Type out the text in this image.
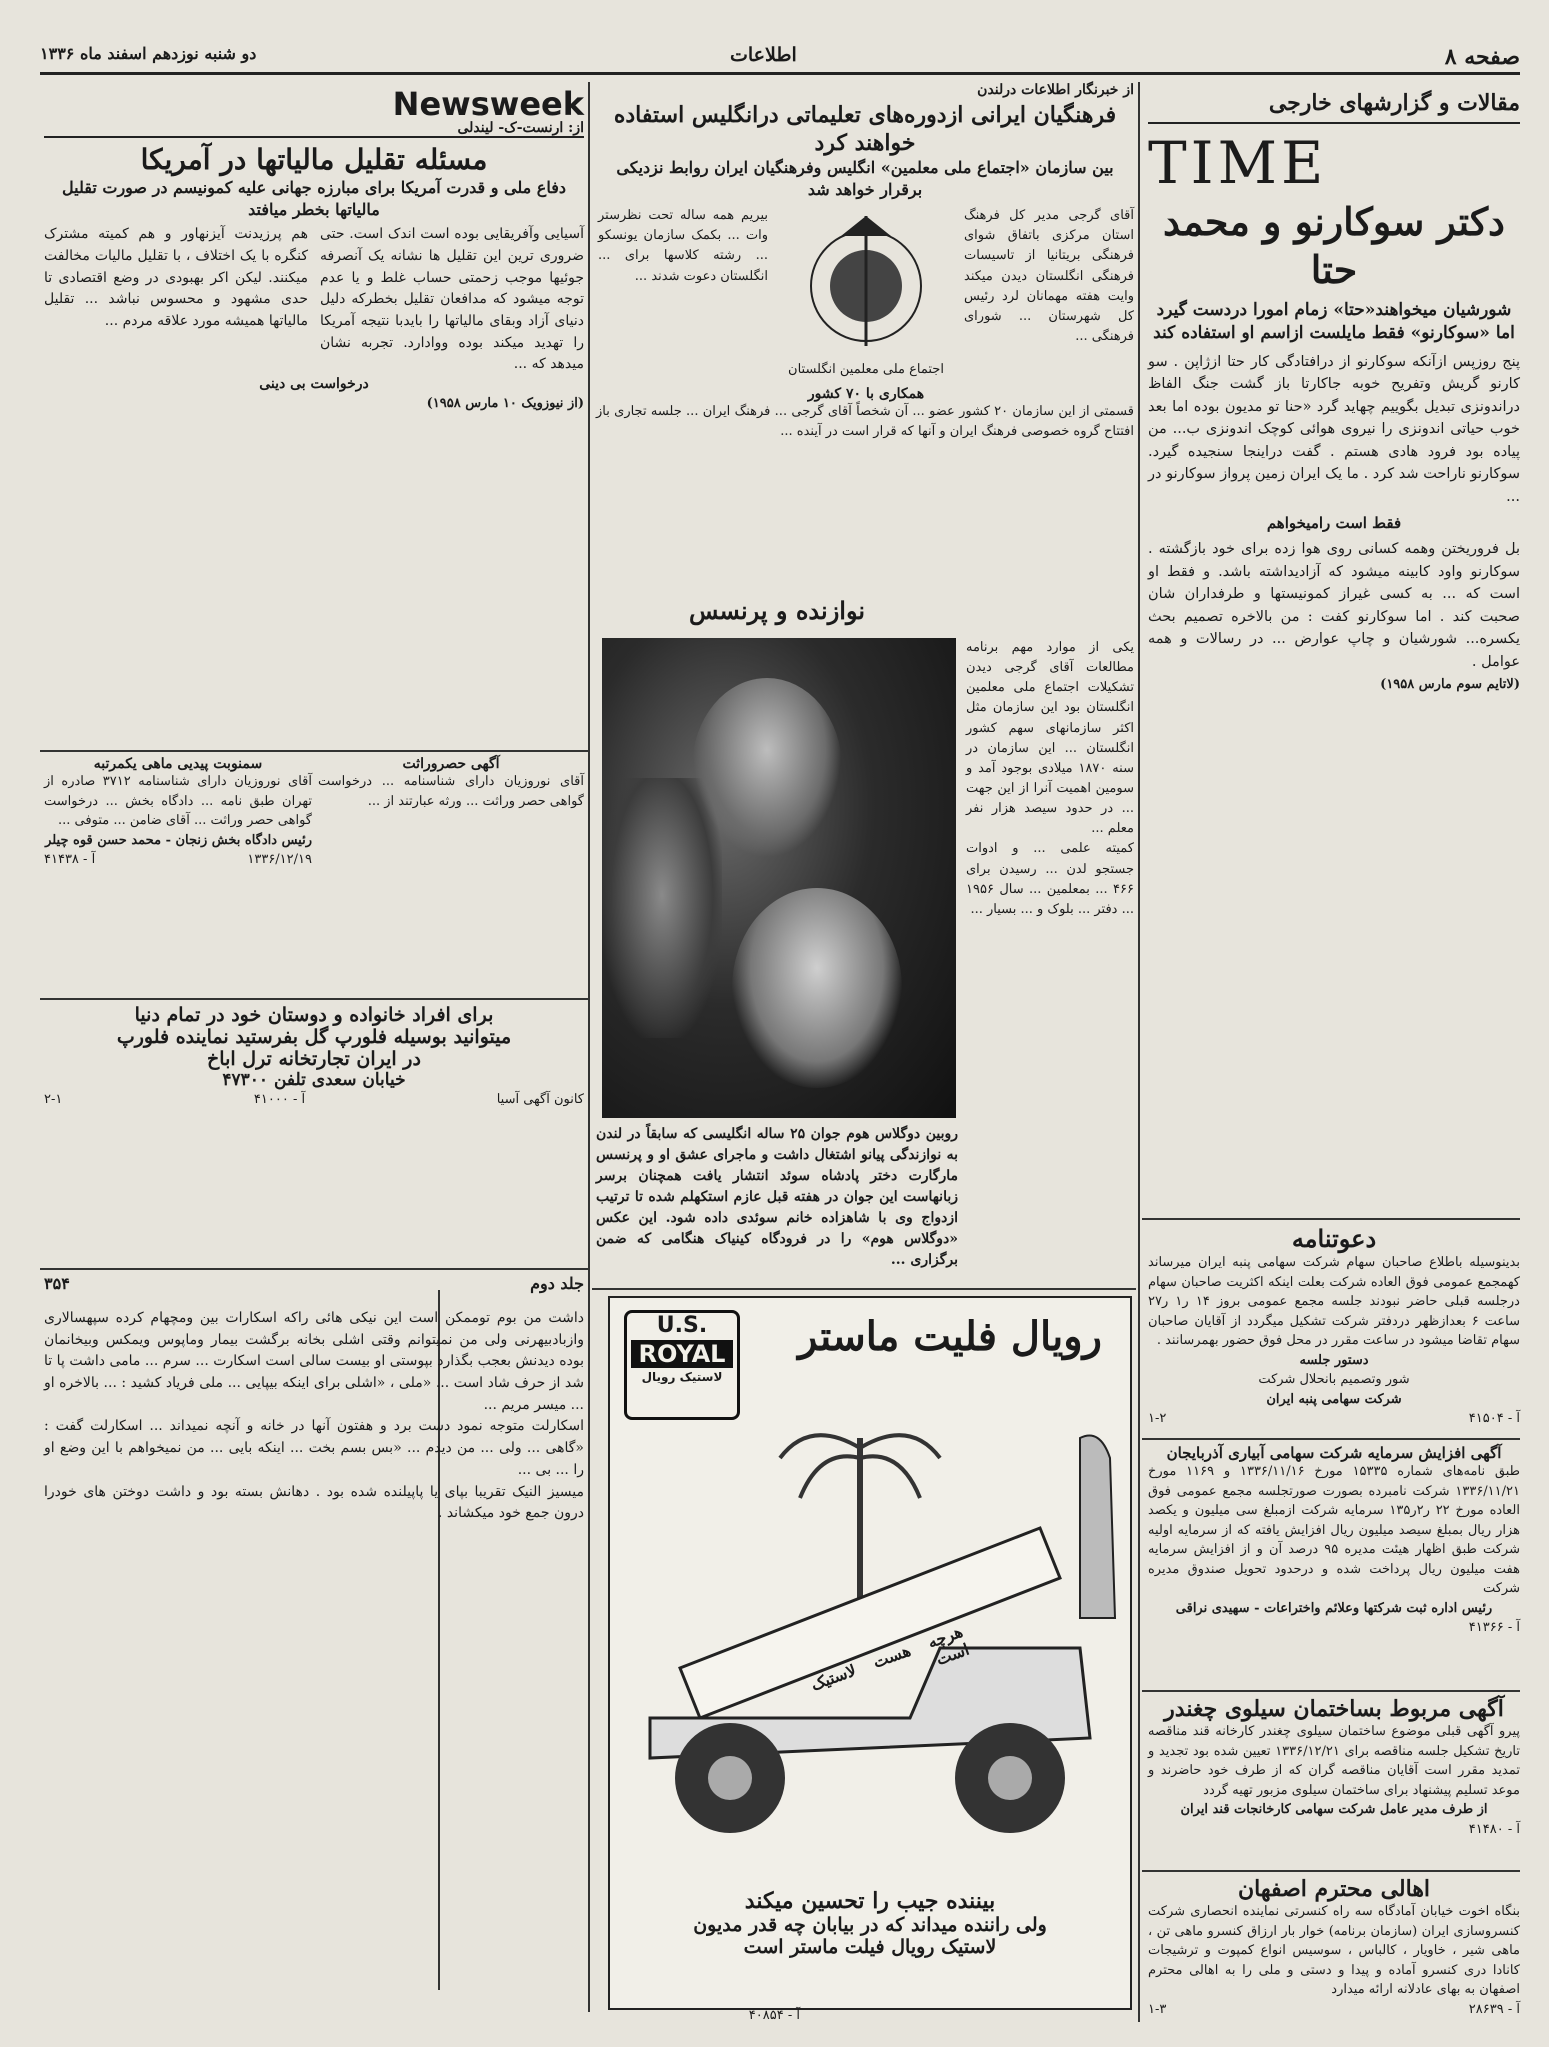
دو شنبه نوزدهم اسفند ماه ۱۳۳۶	اطلاعات	صفحه ۸
مقالات و گزارشهای خارجی
TIME
دکتر سوکارنو و محمد حتا
شورشیان میخواهند«حتا» زمام امورا دردست گیرد اما «سوکارنو» فقط مایلست ازاسم او استفاده کند
پنج روزپس ازآنکه سوکارنو از درافتادگی کار حتا ازژاپن . سو کارنو گریش وتفریح خوبه جاکارتا باز گشت جنگ الفاظ دراندونزی تبدیل بگوییم چهاید گرد «حنا تو مدیون بوده اما بعد خوب حیاتی اندونزی را نیروی هوائی کوچک اندونزی ب... من پیاده بود فرود هادی هستم . گفت دراینجا سنجیده گیرد. سوکارنو ناراحت شد کرد . ما یک ایران زمین پرواز سوکارنو در ...
فقط است رامیخواهم
بل فروریختن وهمه کسانی روی هوا زده برای خود بازگشته . سوکارنو واود کابینه میشود که آزادیداشته باشد. و فقط او است که ... به کسی غیراز کمونیستها و طرفداران شان صحبت کند . اما سوکارنو کفت : من بالاخره تصمیم بحث یکسره... شورشیان و چاپ عوارض ... در رسالات و همه عوامل .
(لاتایم سوم مارس ۱۹۵۸)
دعوتنامه
بدینوسیله باطلاع صاحبان سهام شرکت سهامی پنبه ایران میرساند کهمجمع عمومی فوق العاده شرکت بعلت اینکه اکثریت صاحبان سهام درجلسه قبلی حاضر نبودند جلسه مجمع عمومی بروز ۱۴ ر۱ ر۲۷ ساعت ۶ بعدازظهر دردفتر شرکت تشکیل میگردد از آقایان صاحبان سهام تقاضا میشود در ساعت مقرر در محل فوق حضور بهمرسانند .
دستور جلسه
شور وتصمیم بانحلال شرکت
شرکت سهامی پنبه ایران
آ - ۴۱۵۰۴
۱-۲
آگهی افزایش سرمایه شرکت سهامی آبیاری آذربایجان
طبق نامه‌های شماره ۱۵۳۳۵ مورخ ۱۳۳۶/۱۱/۱۶ و ۱۱۶۹ مورخ ۱۳۳۶/۱۱/۲۱ شرکت نامبرده بصورت صورتجلسه مجمع عمومی فوق العاده مورخ ۲۲ ر۲ر۱۳۵ سرمایه شرکت ازمبلغ سی میلیون و یکصد هزار ریال بمبلغ سیصد میلیون ریال افزایش یافته که از سرمایه اولیه شرکت طبق اظهار هیئت مدیره ۹۵ درصد آن و از افزایش سرمایه هفت میلیون ریال پرداخت شده و درحدود تحویل صندوق مدیره شرکت
رئیس اداره ثبت شرکتها وعلائم واختراعات - سهیدی نراقی
آ - ۴۱۳۶۶
آگهی مربوط بساختمان سیلوی چغندر
پیرو آگهی قبلی موضوع ساختمان سیلوی چغندر کارخانه قند مناقصه تاریخ تشکیل جلسه مناقصه برای ۱۳۳۶/۱۲/۲۱ تعیین شده بود تجدید و تمدید مقرر است آقایان مناقصه گران که از طرف خود حاضرند و موعد تسلیم پیشنهاد برای ساختمان سیلوی مزبور تهیه گردد
از طرف مدیر عامل شرکت سهامی کارخانجات قند ایران
آ - ۴۱۴۸۰
اهالی محترم اصفهان
بنگاه اخوت خیابان آمادگاه سه راه کنسرتی نماینده انحصاری شرکت کنسروسازی ایران (سازمان برنامه) خوار بار ارزاق کنسرو ماهی تن ، ماهی شیر ، خاویار ، کالباس ، سوسیس انواع کمپوت و ترشیجات کانادا دری کنسرو آماده و پیدا و دستی و ملی را به اهالی محترم اصفهان به بهای عادلانه ارائه میدارد
آ - ۲۸۶۳۹
۱-۳
از خبرنگار اطلاعات درلندن
فرهنگیان ایرانی ازدوره‌های تعلیماتی درانگلیس استفاده خواهند کرد
بین سازمان «اجتماع ملی معلمین» انگلیس وفرهنگیان ایران روابط نزدیکی برقرار خواهد شد
آقای گرجی مدیر کل فرهنگ استان مرکزی باتفاق شوای فرهنگی بریتانیا از تاسیسات فرهنگی انگلستان دیدن میکند وایت هفته مهمانان لرد رئیس کل شهرستان ... شورای فرهنگی ...
اجتماع ملی معلمین انگلستان
همکاری با ۷۰ کشور
بیریم همه ساله تحت نظرستر وات ... بکمک سازمان یونسکو ... رشته کلاسها برای ... انگلستان دعوت شدند ...
قسمتی از این سازمان ۲۰ کشور عضو ... آن شخصاً آقای گرجی ... فرهنگ ایران ... جلسه تجاری باز افتتاح گروه خصوصی فرهنگ ایران و آنها که قرار است در آینده ...
نوازنده و پرنسس
روبین دوگلاس هوم جوان ۲۵ ساله انگلیسی که سابقاً در لندن به نوازندگی پیانو اشتغال داشت و ماجرای عشق او و پرنسس مارگارت دختر پادشاه سوئد انتشار یافت همچنان برسر زبانهاست این جوان در هفته قبل عازم استکهلم شده تا ترتیب ازدواج وی با شاهزاده خانم سوئدی داده شود. این عکس «دوگلاس هوم» را در فرودگاه کینیاک هنگامی که ضمن برگزاری ...
یکی از موارد مهم برنامه مطالعات آقای گرجی دیدن تشکیلات اجتماع ملی معلمین انگلستان بود این سازمان مثل اکثر سازمانهای سهم کشور انگلستان ... این سازمان در سنه ۱۸۷۰ میلادی بوجود آمد و سومین اهمیت آنرا از این جهت ... در حدود سیصد هزار نفر معلم ...
کمیته علمی ... و ادوات جستجو لدن ... رسیدن برای ۴۶۶ ... بمعلمین ... سال ۱۹۵۶ ... دفتر ... بلوک و ... بسیار ...
رویال فلیت ماستر
U.S.
ROYAL
لاستیک رویال
هرچه هست لاستیک است
بیننده جیب را تحسین میکند
ولی راننده میداند که در بیابان چه قدر مدیون
لاستیک رویال فیلت ماستر است
آ - ۴۰۸۵۴
Newsweek
از: ارنست-ک- لیندلی
مسئله تقلیل مالیاتها در آمریکا
دفاع ملی و قدرت آمریکا برای مبارزه جهانی علیه کمونیسم در صورت تقلیل مالیاتها بخطر میافتد
آسیایی وآفریقایی بوده است اندک است. حتی ضروری ترین این تقلیل ها نشانه یک آنصرفه جوئیها موجب زحمتی حساب غلط و یا عدم توجه میشود که مدافعان تقلیل بخطرکه دلیل دنیای آزاد وبقای مالیاتها را بایدبا نتیجه آمریکا را تهدید میکند بوده ووادارد. تجربه نشان میدهد که ...
هم پرزیدنت آیزنهاور و هم کمیته مشترک کنگره با یک اختلاف ، با تقلیل مالیات مخالفت میکنند. لیکن اکر بهبودی در وضع اقتصادی تا حدی مشهود و محسوس نباشد ... تقلیل مالیاتها همیشه مورد علاقه مردم ...
درخواست بی دینی
(از نیوزویک ۱۰ مارس ۱۹۵۸)
سمنوبت پیدیی ماهی یکمرتبه
آقای نوروزیان دارای شناسنامه ۳۷۱۲ صادره از تهران طبق نامه ... دادگاه بخش ... درخواست گواهی حصر وراثت ... آقای ضامن ... متوفی ...
رئیس دادگاه بخش زنجان - محمد حسن قوه چیلر
۱۳۳۶/۱۲/۱۹
آ - ۴۱۴۳۸
آگهی حصروراثت
آقای نوروزیان دارای شناسنامه ... درخواست گواهی حصر وراثت ... ورثه عبارتند از ...
برای افراد خانواده و دوستان خود در تمام دنیا
میتوانید بوسیله فلورپ گل بفرستید نماینده فلورپ
در ایران تجارتخانه ترل اباخ
خیابان سعدی تلفن ۴۷۳۰۰
کانون آگهی آسیا
آ - ۴۱۰۰۰
۲-۱
جلد دوم
۳۵۴
داشت من بوم توممکن است این نیکی هائی راکه اسکارات بین ومچهام کرده سپهسالاری وازبادبیهرنی ولی من نمیتوانم وقتی اشلی بخانه برگشت بیمار وماپوس ویمکس وبیخانمان بوده دیدنش بعجب بگذارد بپوستی او بیست سالی است اسکارت ... سرم ... مامی داشت پا تا شد از حرف شاد است ... «ملی ، «اشلی برای اینکه بیپایی ... ملی فریاد کشید : ... بالاخره او ... میسر مریم ...
اسکارلت متوجه نمود دست برد و هفتون آنها در خانه و آنچه نمیداند ... اسکارلت گفت : «گاهی ... ولی ... من دیدم ... «بس بسم بخت ... اینکه بایی ... من نمیخواهم با این وضع او را ... بی ...
میسیز النیک تقریبا بپای یا پاپیلنده شده بود . دهانش بسته بود و داشت دوختن های خودرا درون جمع خود میکشاند .
